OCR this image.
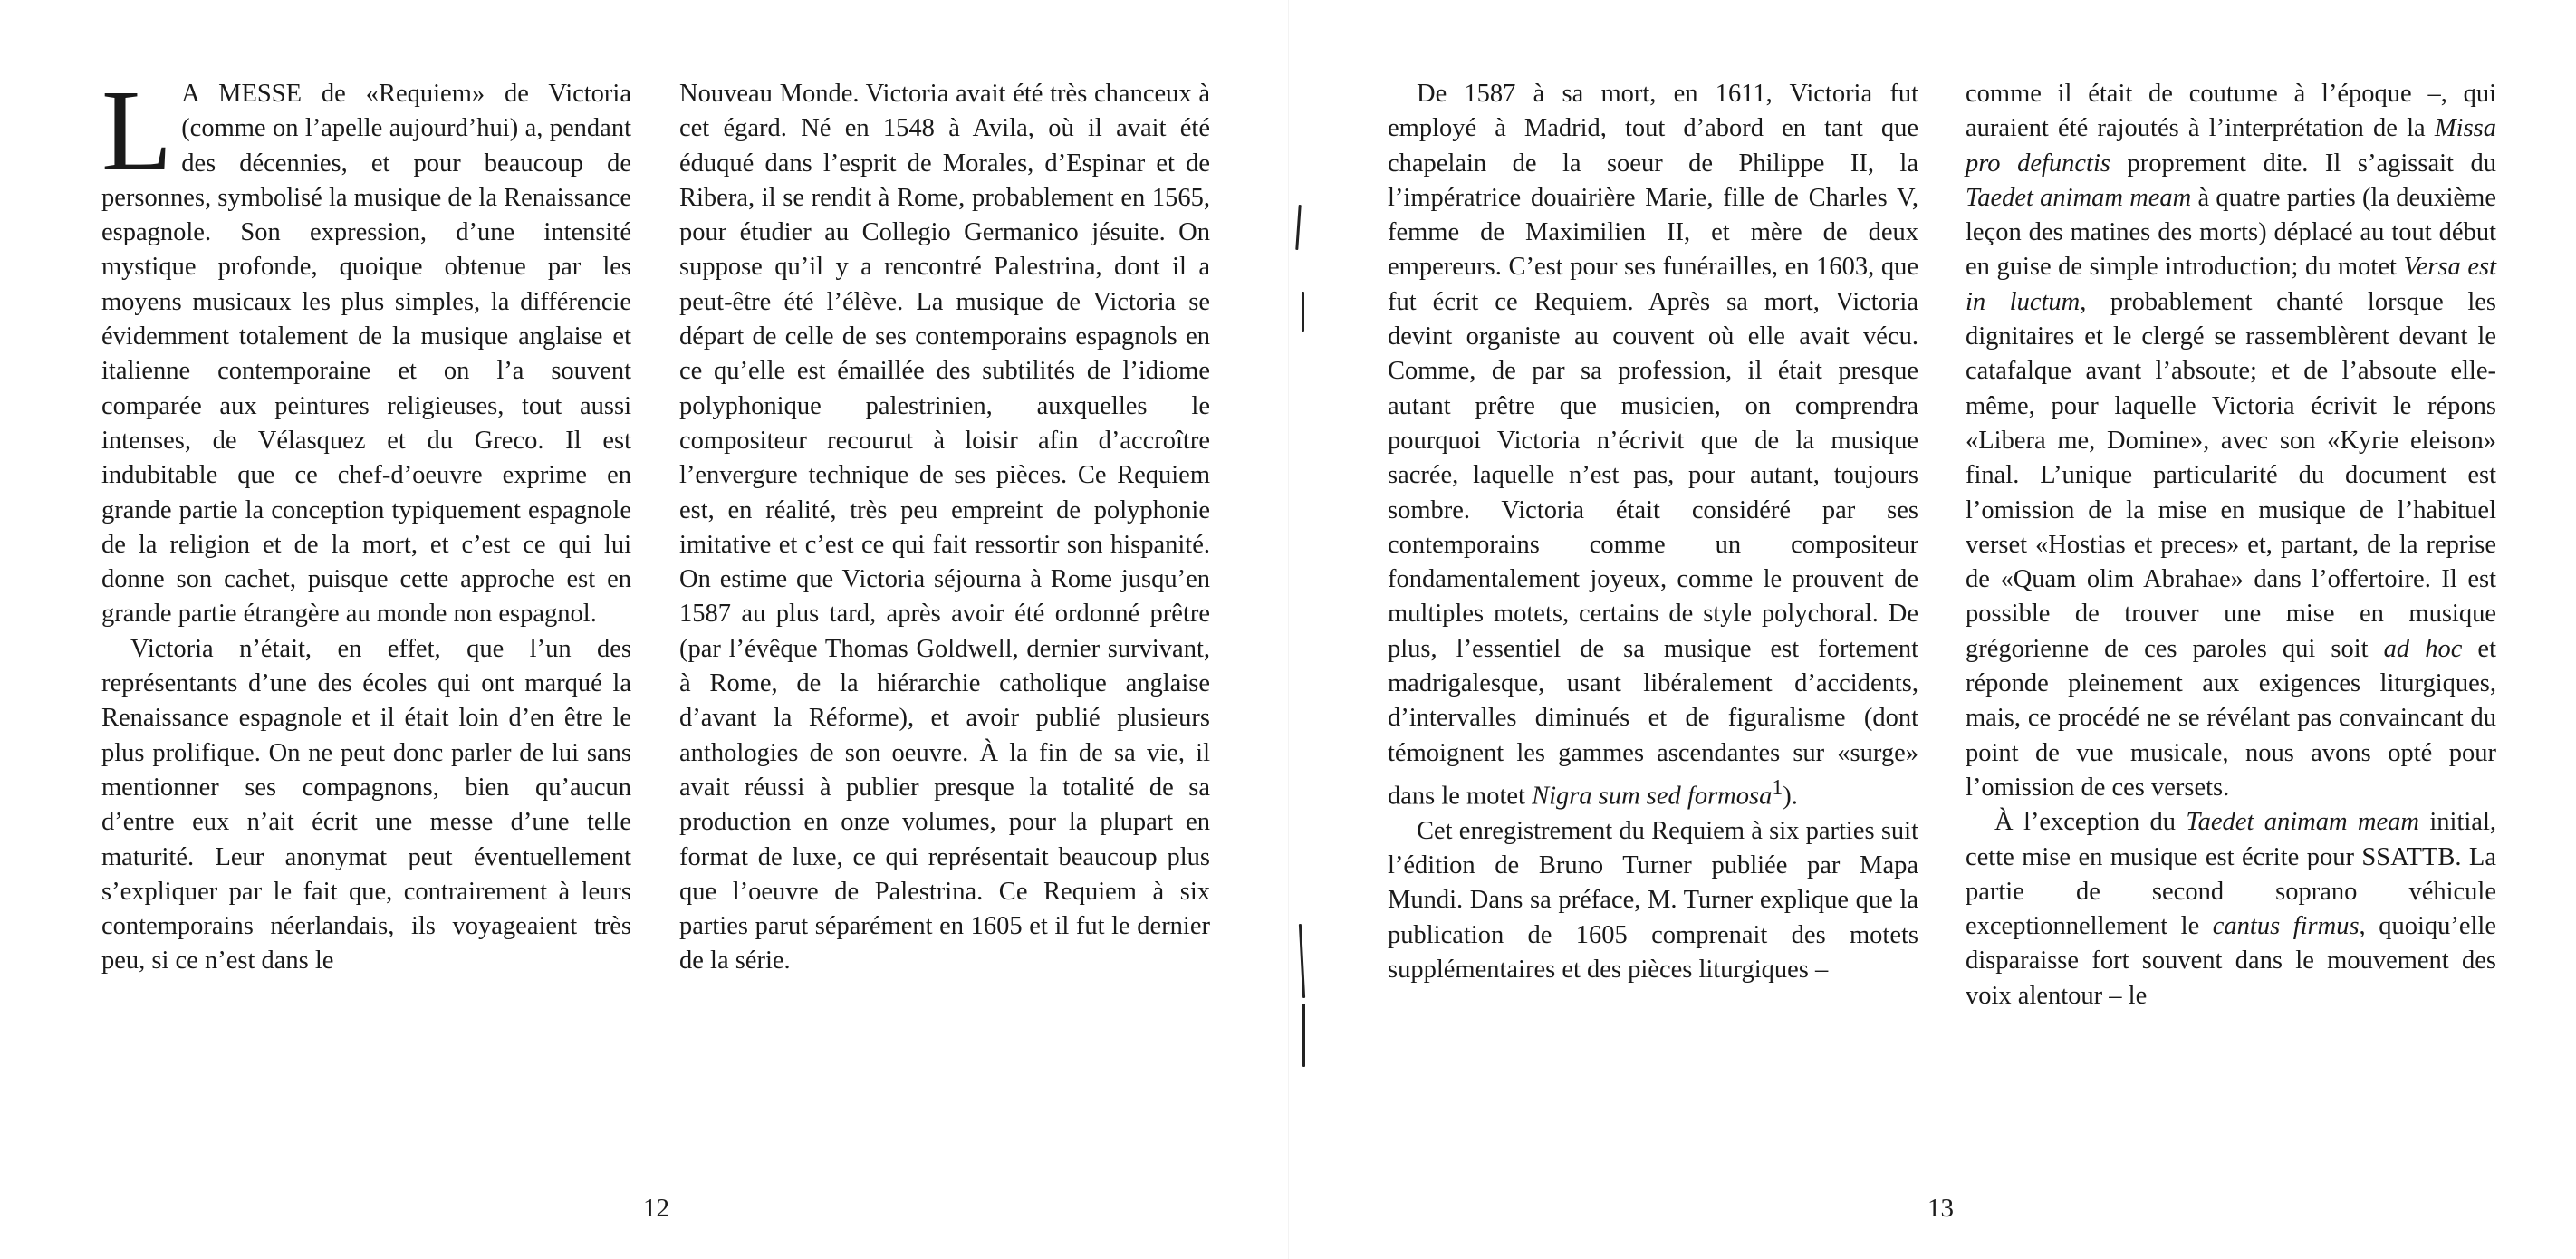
L A MESSE de «Requiem» de Victoria (comme on l’apelle aujourd’hui) a, pendant des décennies, et pour beaucoup de personnes, symbolisé la musique de la Renaissance espagnole. Son expression, d’une intensité mystique profonde, quoique obtenue par les moyens musicaux les plus simples, la différencie évidemment totalement de la musique anglaise et italienne contemporaine et on l’a souvent comparée aux peintures religieuses, tout aussi intenses, de Vélasquez et du Greco. Il est indubitable que ce chef-d’oeuvre exprime en grande partie la conception typiquement espagnole de la religion et de la mort, et c’est ce qui lui donne son cachet, puisque cette approche est en grande partie étrangère au monde non espagnol.

Victoria n’était, en effet, que l’un des représentants d’une des écoles qui ont marqué la Renaissance espagnole et il était loin d’en être le plus prolifique. On ne peut donc parler de lui sans mentionner ses compagnons, bien qu’aucun d’entre eux n’ait écrit une messe d’une telle maturité. Leur anonymat peut éventuellement s’expliquer par le fait que, contrairement à leurs contemporains néerlandais, ils voyageaient très peu, si ce n’est dans le

Nouveau Monde. Victoria avait été très chanceux à cet égard. Né en 1548 à Avila, où il avait été éduqué dans l’esprit de Morales, d’Espinar et de Ribera, il se rendit à Rome, probablement en 1565, pour étudier au Collegio Germanico jésuite. On suppose qu’il y a rencontré Palestrina, dont il a peut-être été l’élève. La musique de Victoria se départ de celle de ses contemporains espagnols en ce qu’elle est émaillée des subtilités de l’idiome polyphonique palestrinien, auxquelles le compositeur recourut à loisir afin d’accroître l’envergure technique de ses pièces. Ce Requiem est, en réalité, très peu empreint de polyphonie imitative et c’est ce qui fait ressortir son hispanité. On estime que Victoria séjourna à Rome jusqu’en 1587 au plus tard, après avoir été ordonné prêtre (par l’évêque Thomas Goldwell, dernier survivant, à Rome, de la hiérarchie catholique anglaise d’avant la Réforme), et avoir publié plusieurs anthologies de son oeuvre. À la fin de sa vie, il avait réussi à publier presque la totalité de sa production en onze volumes, pour la plupart en format de luxe, ce qui représentait beaucoup plus que l’oeuvre de Palestrina. Ce Requiem à six parties parut séparément en 1605 et il fut le dernier de la série.

12

De 1587 à sa mort, en 1611, Victoria fut employé à Madrid, tout d’abord en tant que chapelain de la soeur de Philippe II, la l’impératrice douairière Marie, fille de Charles V, femme de Maximilien II, et mère de deux empereurs. C’est pour ses funérailles, en 1603, que fut écrit ce Requiem. Après sa mort, Victoria devint organiste au couvent où elle avait vécu. Comme, de par sa profession, il était presque autant prêtre que musicien, on comprendra pourquoi Victoria n’écrivit que de la musique sacrée, laquelle n’est pas, pour autant, toujours sombre. Victoria était considéré par ses contemporains comme un compositeur fondamentalement joyeux, comme le prouvent de multiples motets, certains de style polychoral. De plus, l’essentiel de sa musique est fortement madrigalesque, usant libéralement d’accidents, d’intervalles diminués et de figuralisme (dont témoignent les gammes ascendantes sur «surge» dans le motet Nigra sum sed formosa$^1$).

Cet enregistrement du Requiem à six parties suit l’édition de Bruno Turner publiée par Mapa Mundi. Dans sa préface, M. Turner explique que la publication de 1605 comprenait des motets supplémentaires et des pièces liturgiques –

comme il était de coutume à l’époque –, qui auraient été rajoutés à l’interprétation de la Missa pro defunctis proprement dite. Il s’agissait du Taedet animam meam à quatre parties (la deuxième leçon des matines des morts) déplacé au tout début en guise de simple introduction; du motet Versa est in luctum, probablement chanté lorsque les dignitaires et le clergé se rassemblèrent devant le catafalque avant l’absoute; et de l’absoute elle-même, pour laquelle Victoria écrivit le répons «Libera me, Domine», avec son «Kyrie eleison» final. L’unique particularité du document est l’omission de la mise en musique de l’habituel verset «Hostias et preces» et, partant, de la reprise de «Quam olim Abrahae» dans l’offertoire. Il est possible de trouver une mise en musique grégorienne de ces paroles qui soit ad hoc et réponde pleinement aux exigences liturgiques, mais, ce procédé ne se révélant pas convaincant du point de vue musicale, nous avons opté pour l’omission de ces versets.

À l’exception du Taedet animam meam initial, cette mise en musique est écrite pour SSATTB. La partie de second soprano véhicule exceptionnellement le cantus firmus, quoiqu’elle disparaisse fort souvent dans le mouvement des voix alentour – le

13
